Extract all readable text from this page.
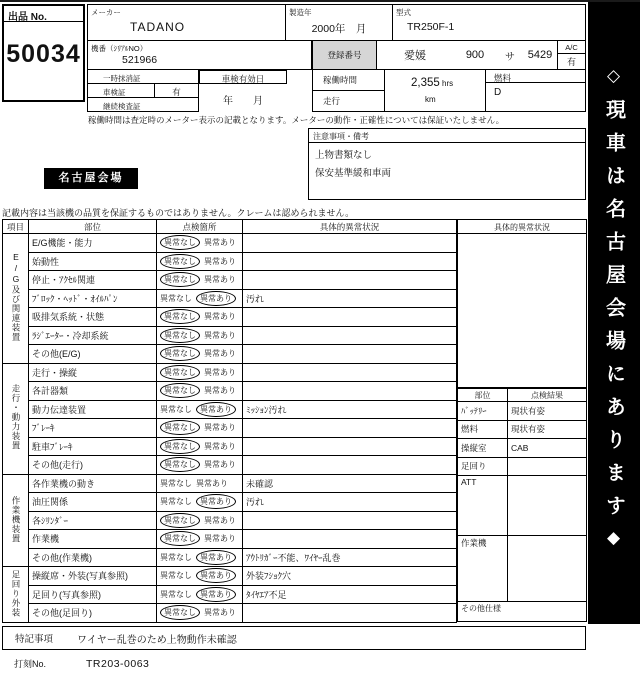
出品 No.
50034
メーカー
TADANO
製造年
2000年　月
型式
TR250F-1
機番（ｼﾘｱﾙNO）
521966	登録番号	愛媛	900	サ	5429
A/C
有
一時抹消証
車検証	有
継続検査証
車検有効日
年　　月
稼働時間
走行
2,355 hrs
km
燃料
D
稼働時間は査定時のメーター表示の記載となります。メーターの動作・正確性については保証いたしません。
注意事項・備考
上物書類なし
保安基準緩和車両
名古屋会場
記載内容は当該機の品質を保証するものではありません。クレームは認められません。
項目	部位	点検箇所	具体的異常状況
E/G及び関連装置	E/G機能・能力	異常なし 異常あり	
	始動性	異常なし 異常あり	
	停止・ｱｸｾﾙ関連	異常なし 異常あり	
	ﾌﾞﾛｯｸ・ﾍｯﾄﾞ・ｵｲﾙﾊﾟﾝ	異常なし 異常あり	汚れ
	吸排気系統・状態	異常なし 異常あり	
	ﾗｼﾞｴｰﾀｰ・冷却系統	異常なし 異常あり	
	その他(E/G)	異常なし 異常あり	
走行・動力装置	走行・操縦	異常なし 異常あり	
	各計器類	異常なし 異常あり	
	動力伝達装置	異常なし 異常あり	ﾐｯｼｮﾝ汚れ
	ﾌﾞﾚｰｷ	異常なし 異常あり	
	駐車ﾌﾞﾚｰｷ	異常なし 異常あり	
	その他(走行)	異常なし 異常あり	
作業機装置	各作業機の動き	異常なし 異常あり	未確認
	油圧関係	異常なし 異常あり	汚れ
	各ｼﾘﾝﾀﾞｰ	異常なし 異常あり	
	作業機	異常なし 異常あり	
	その他(作業機)	異常なし 異常あり	ｱｳﾄﾘｶﾞｰ不能、ﾜｲﾔｰ乱巻
足回り外装	操縦席・外装(写真参照)	異常なし 異常あり	外装ﾌｼｮｸ穴
	足回り(写真参照)	異常なし 異常あり	ﾀｲﾔｴｱ不足
	その他(足回り)	異常なし 異常あり	
具体的異常状況
部位	点検結果
ﾊﾞｯﾃﾘｰ	現状有姿
燃料	現状有姿
操縦室	CAB
足回り	
ATT	
作業機	
その他仕様	
特記事項	ワイヤー乱巻のため上物動作未確認
打刻No.	TR203-0063
◇現車は名古屋会場にあります◆
